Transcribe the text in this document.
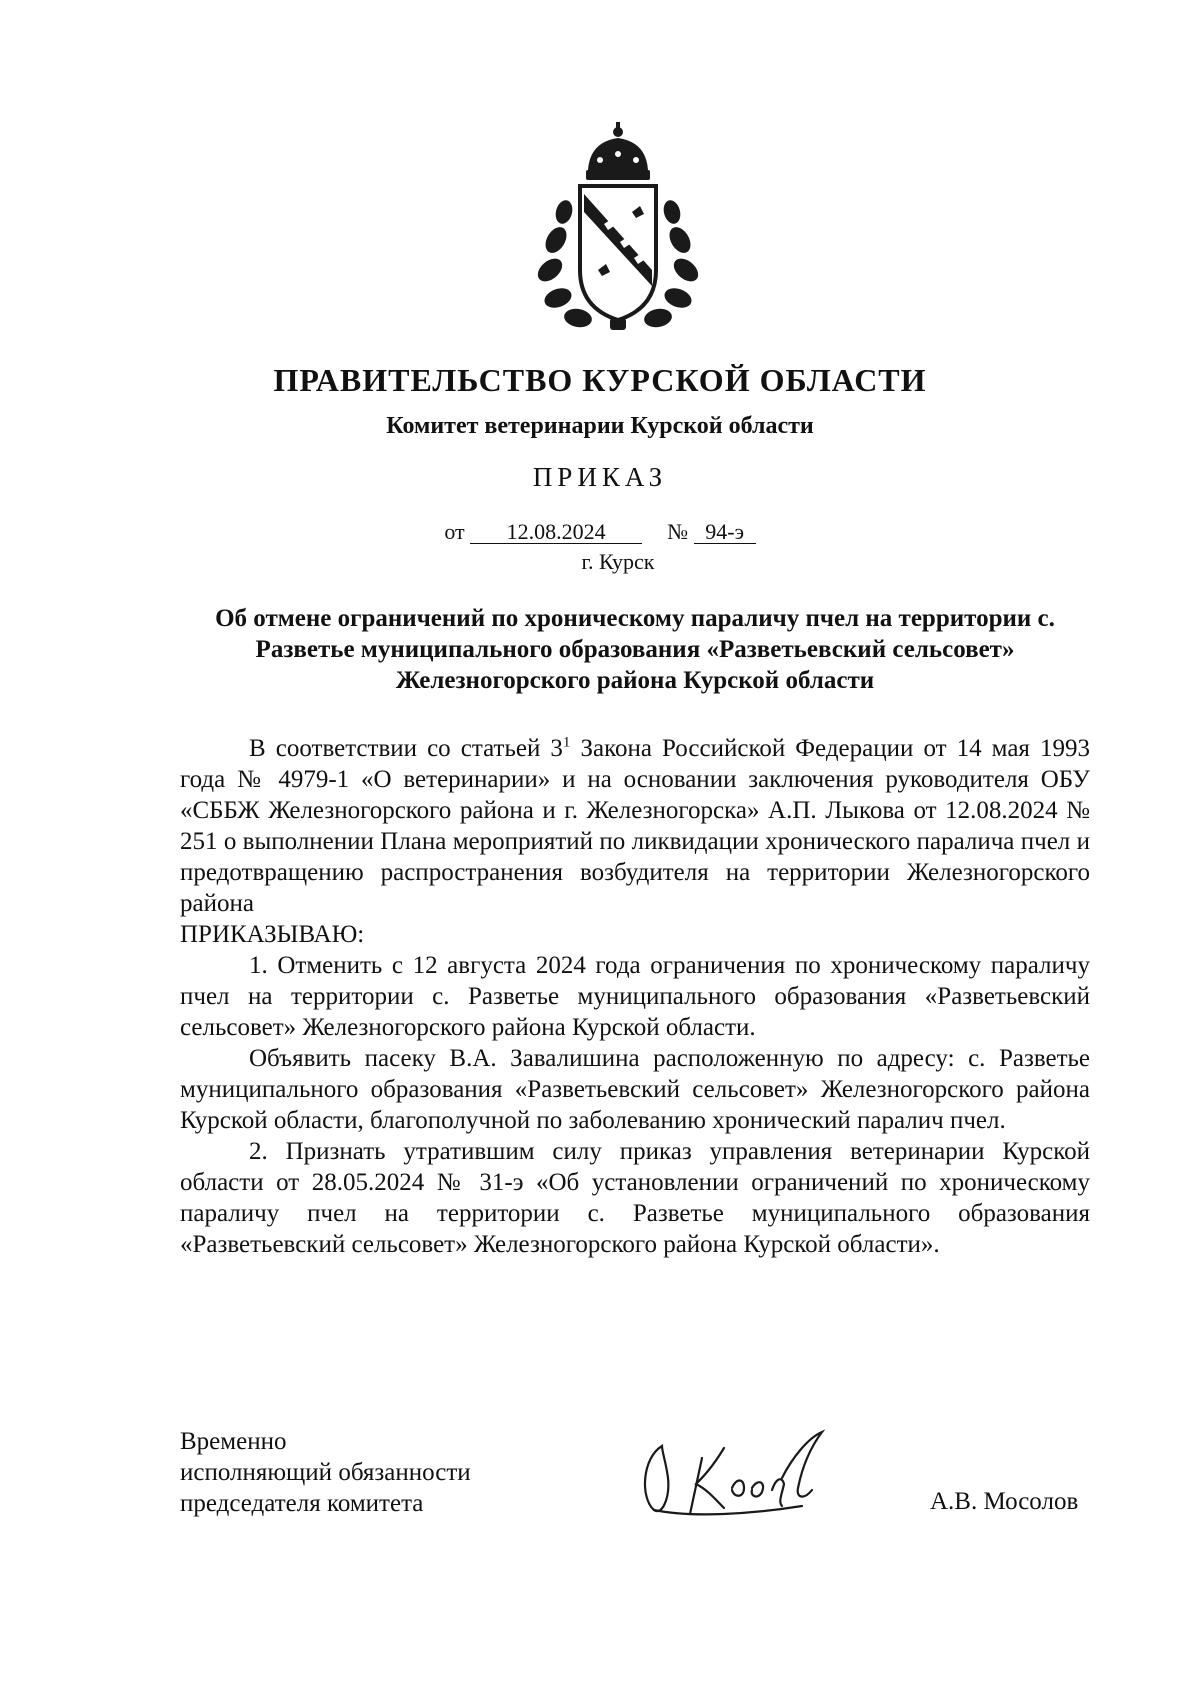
ПРАВИТЕЛЬСТВО КУРСКОЙ ОБЛАСТИ
Комитет ветеринарии Курской области
ПРИКАЗ
от 12.08.2024	№ 94-э
г. Курск
Об отмене ограничений по хроническому параличу пчел на территории с. Разветье муниципального образования «Разветьевский сельсовет» Железногорского района Курской области

В соответствии со статьей $3^1$ Закона Российской Федерации от 14 мая 1993 года № 4979-1 «О ветеринарии» и на основании заключения руководителя ОБУ «СББЖ Железногорского района и г. Железногорска» А.П. Лыкова от 12.08.2024 № 251 о выполнении Плана мероприятий по ликвидации хронического паралича пчел и предотвращению распространения возбудителя на территории Железногорского района

ПРИКАЗЫВАЮ:

1. Отменить с 12 августа 2024 года ограничения по хроническому параличу пчел на территории с. Разветье муниципального образования «Разветьевский сельсовет» Железногорского района Курской области.

Объявить пасеку В.А. Завалишина расположенную по адресу: с. Разветье муниципального образования «Разветьевский сельсовет» Железногорского района Курской области, благополучной по заболеванию хронический паралич пчел.

2. Признать утратившим силу приказ управления ветеринарии Курской области от 28.05.2024 № 31-э «Об установлении ограничений по хроническому параличу пчел на территории с. Разветье муниципального образования «Разветьевский сельсовет» Железногорского района Курской области».

Временно
исполняющий обязанности
председателя комитета	А.В. Мосолов
